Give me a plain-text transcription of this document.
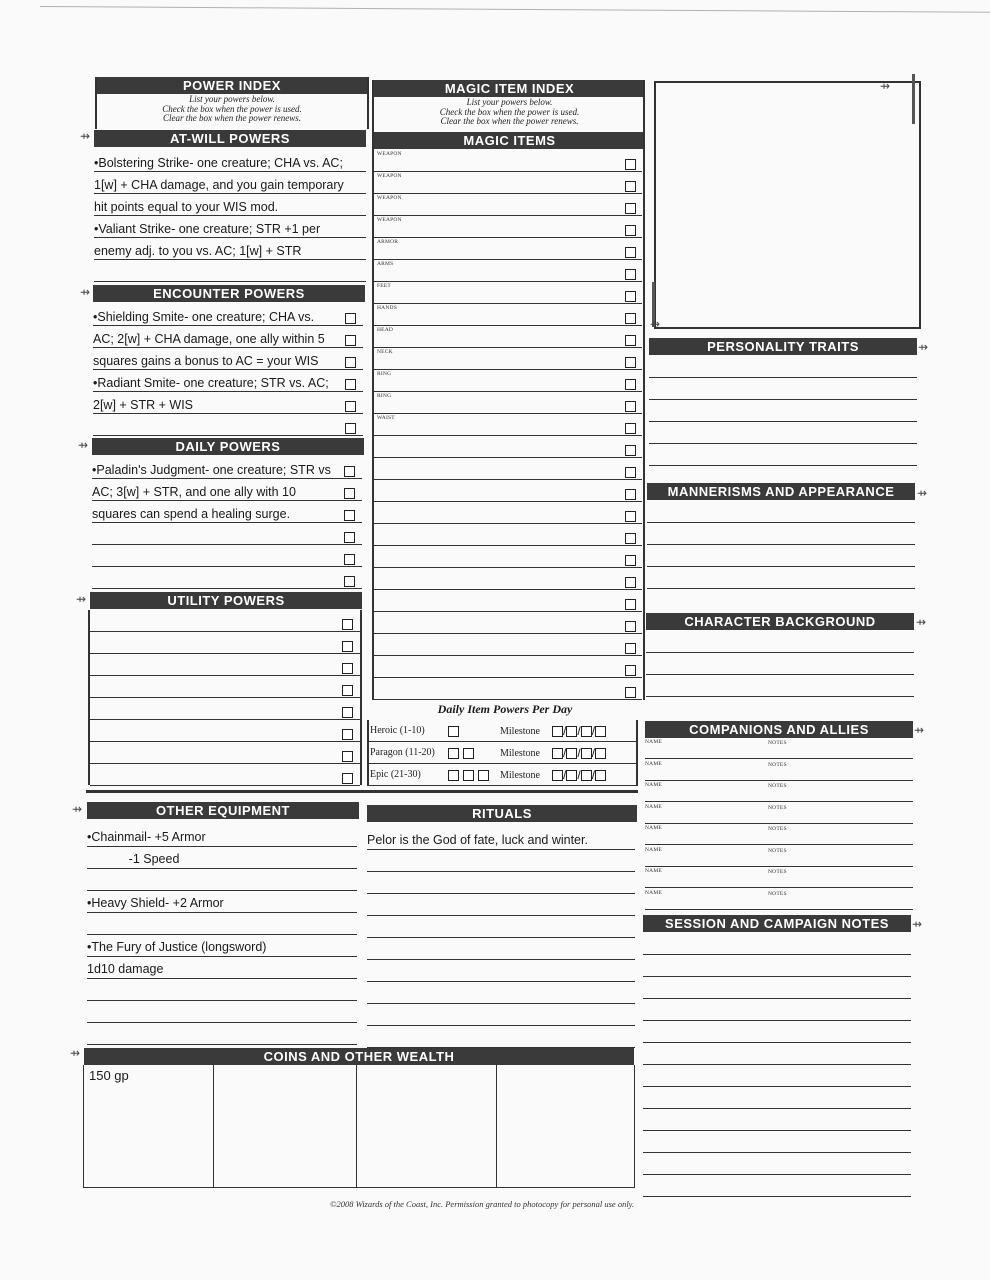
POWER INDEX
List your powers below.
Check the box when the power is used.
Clear the box when the power renews.
⇸	AT-WILL POWERS
•Bolstering Strike- one creature; CHA vs. AC;
1[w] + CHA damage, and you gain temporary
hit points equal to your WIS mod.
•Valiant Strike- one creature; STR +1 per
enemy adj. to you vs. AC; 1[w] + STR
⇸	ENCOUNTER POWERS
•Shielding Smite- one creature; CHA vs.
AC; 2[w] + CHA damage, one ally within 5
squares gains a bonus to AC = your WIS
•Radiant Smite- one creature; STR vs. AC;
2[w] + STR + WIS
⇸	DAILY POWERS
•Paladin's Judgment- one creature; STR vs
AC; 3[w] + STR, and one ally with 10
squares can spend a healing surge.
⇸	UTILITY POWERS
MAGIC ITEM INDEX
List your powers below.
Check the box when the power is used.
Clear the box when the power renews.
MAGIC ITEMS
WEAPON
WEAPON
WEAPON
WEAPON
ARMOR
ARMS
FEET
HANDS
HEAD
NECK
RING
RING
WAIST
Daily Item Powers Per Day
Heroic (1-10)	Milestone	/ / /
Paragon (11-20)	Milestone	/ / /
Epic (21-30)	Milestone	/ / /
⇸	OTHER EQUIPMENT
•Chainmail- +5 Armor
-1 Speed
•Heavy Shield- +2 Armor
•The Fury of Justice (longsword)
1d10 damage
RITUALS
Pelor is the God of fate, luck and winter.
⇸	COINS AND OTHER WEALTH
150 gp
©2008 Wizards of the Coast, Inc. Permission granted to photocopy for personal use only.
⇸
⇸
PERSONALITY TRAITS	⇸
MANNERISMS AND APPEARANCE	⇸
CHARACTER BACKGROUND	⇸
COMPANIONS AND ALLIES	⇸
NAME	NOTES
NAME	NOTES
NAME	NOTES
NAME	NOTES
NAME	NOTES
NAME	NOTES
NAME	NOTES
NAME	NOTES
SESSION AND CAMPAIGN NOTES	⇸
